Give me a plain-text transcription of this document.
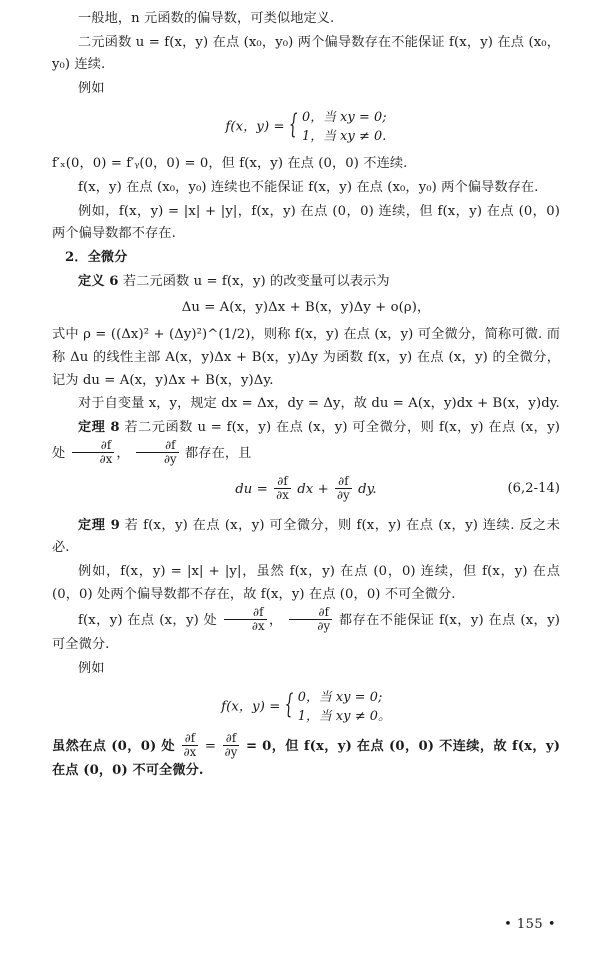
一般地，n 元函数的偏导数，可类似地定义.

二元函数 u = f(x，y) 在点 (x₀，y₀) 两个偏导数存在不能保证 f(x，y) 在点 (x₀，y₀) 连续.

例如

f(x，y) =
{ 0，当 xy = 0;
1，当 xy ≠ 0.

f′ₓ(0，0) = f′ᵧ(0，0) = 0，但 f(x，y) 在点 (0，0) 不连续.

f(x，y) 在点 (x₀，y₀) 连续也不能保证 f(x，y) 在点 (x₀，y₀) 两个偏导数存在.

例如，f(x，y) = |x| + |y|，f(x，y) 在点 (0，0) 连续，但 f(x，y) 在点 (0，0) 两个偏导数都不存在.

2．全微分

定义 6 若二元函数 u = f(x，y) 的改变量可以表示为

Δu = A(x，y)Δx + B(x，y)Δy + o(ρ)，

式中 ρ = ((Δx)² + (Δy)²)^(1/2)，则称 f(x，y) 在点 (x，y) 可全微分，简称可微. 而称 Δu 的线性主部 A(x，y)Δx + B(x，y)Δy 为函数 f(x，y) 在点 (x，y) 的全微分，记为 du = A(x，y)Δx + B(x，y)Δy.

对于自变量 x，y，规定 dx = Δx，dy = Δy，故 du = A(x，y)dx + B(x，y)dy.

定理 8 若二元函数 u = f(x，y) 在点 (x，y) 可全微分，则 f(x，y) 在点 (x，y) 处 $\frac{\partial f}{\partial x}$ ， $\frac{\partial f}{\partial y}$ 都存在，且

du = $\frac{\partial f}{\partial x}$ dx + $\frac{\partial f}{\partial y}$ dy.	(6,2-14)

定理 9 若 f(x，y) 在点 (x，y) 可全微分，则 f(x，y) 在点 (x，y) 连续. 反之未必.

例如，f(x，y) = |x| + |y|，虽然 f(x，y) 在点 (0，0) 连续，但 f(x，y) 在点 (0，0) 处两个偏导数都不存在，故 f(x，y) 在点 (0，0) 不可全微分.

f(x，y) 在点 (x，y) 处 $\frac{\partial f}{\partial x}$ ， $\frac{\partial f}{\partial y}$ 都存在不能保证 f(x，y) 在点 (x，y) 可全微分.

例如

f(x，y) =
{ 0，当 xy = 0;
1，当 xy ≠ 0。

虽然在点 (0，0) 处 $\frac{\partial f}{\partial x} = \frac{\partial f}{\partial y} = 0$，但 f(x，y) 在点 (0，0) 不连续，故 f(x，y) 在点 (0，0) 不可全微分.

• 155 •
